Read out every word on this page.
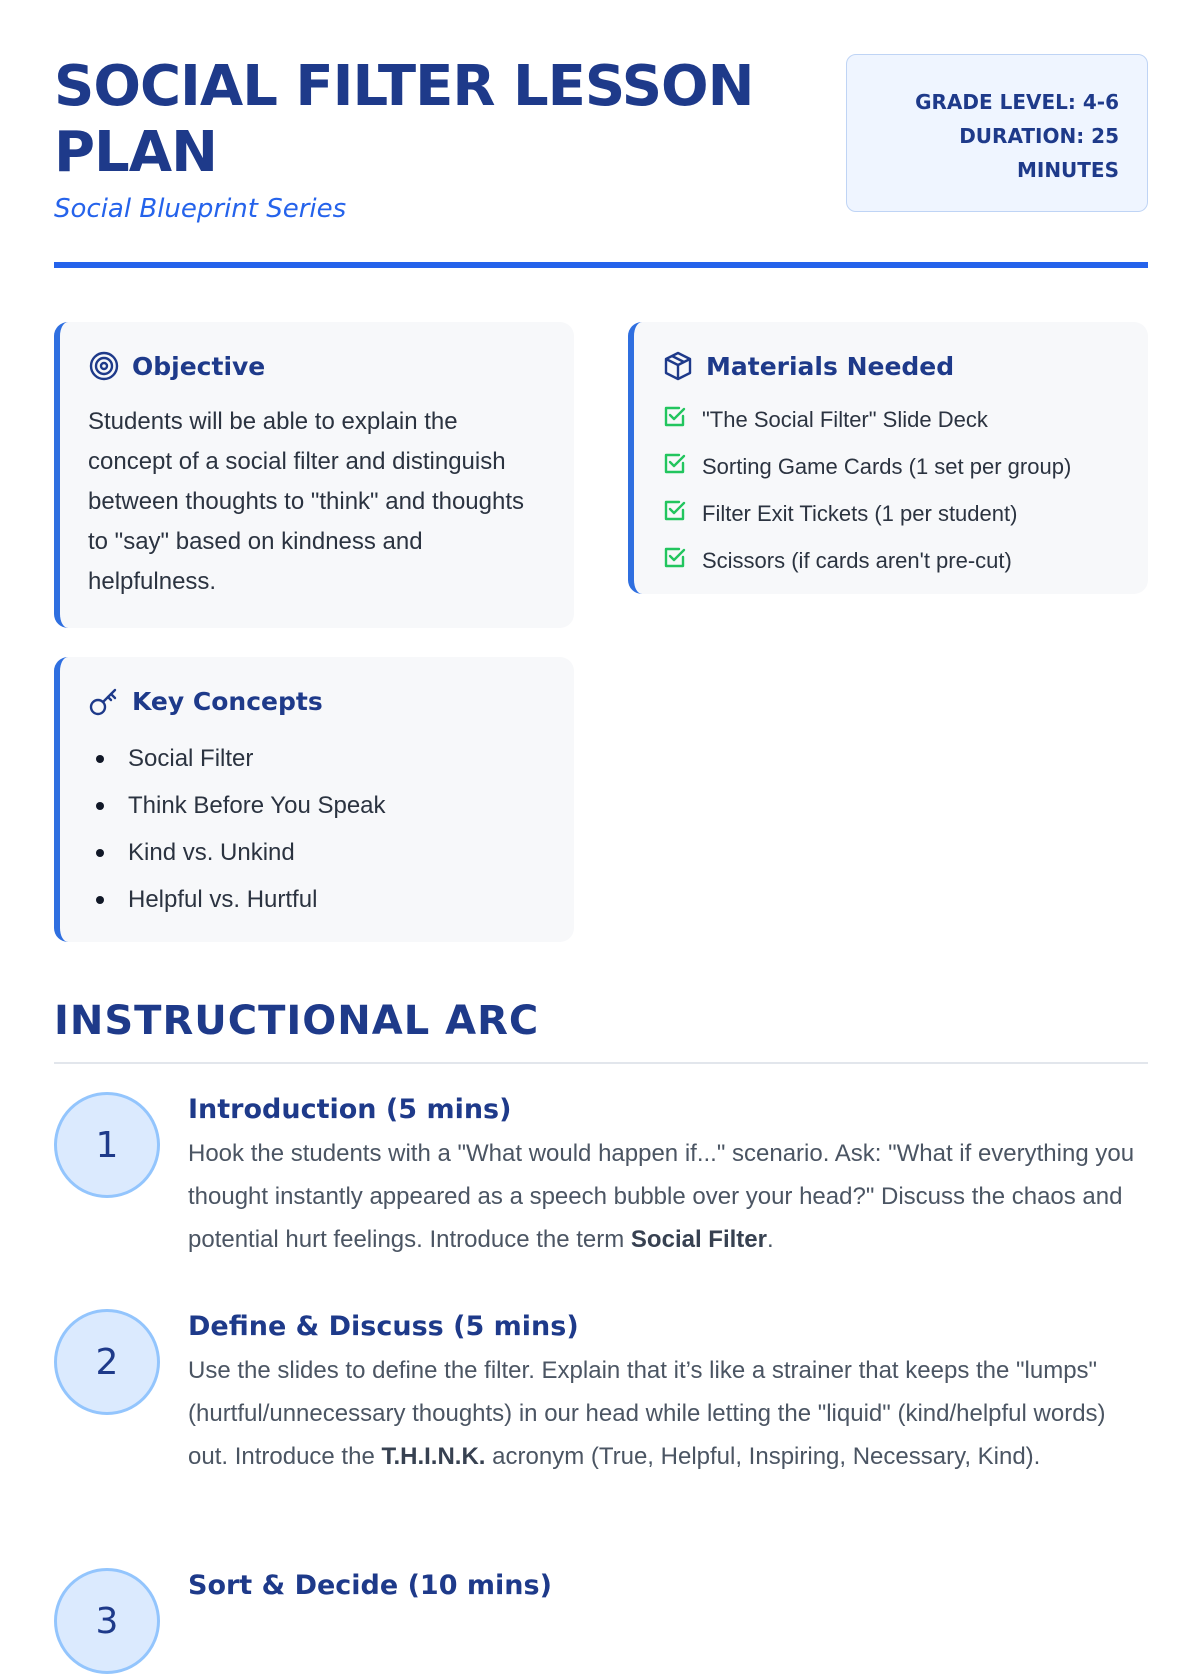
SOCIAL FILTER LESSON PLAN
Social Blueprint Series
GRADE LEVEL: 4-6
DURATION: 25 MINUTES
Objective
Students will be able to explain the concept of a social filter and distinguish between thoughts to "think" and thoughts to "say" based on kindness and helpfulness.
Materials Needed
"The Social Filter" Slide Deck
Sorting Game Cards (1 set per group)
Filter Exit Tickets (1 per student)
Scissors (if cards aren't pre-cut)
Key Concepts
Social Filter
Think Before You Speak
Kind vs. Unkind
Helpful vs. Hurtful
INSTRUCTIONAL ARC
1
Introduction (5 mins)
Hook the students with a "What would happen if..." scenario. Ask: "What if everything you thought instantly appeared as a speech bubble over your head?" Discuss the chaos and potential hurt feelings. Introduce the term Social Filter.
2
Define & Discuss (5 mins)
Use the slides to define the filter. Explain that it’s like a strainer that keeps the "lumps" (hurtful/unnecessary thoughts) in our head while letting the "liquid" (kind/helpful words) out. Introduce the T.H.I.N.K. acronym (True, Helpful, Inspiring, Necessary, Kind).
3
Sort & Decide (10 mins)
